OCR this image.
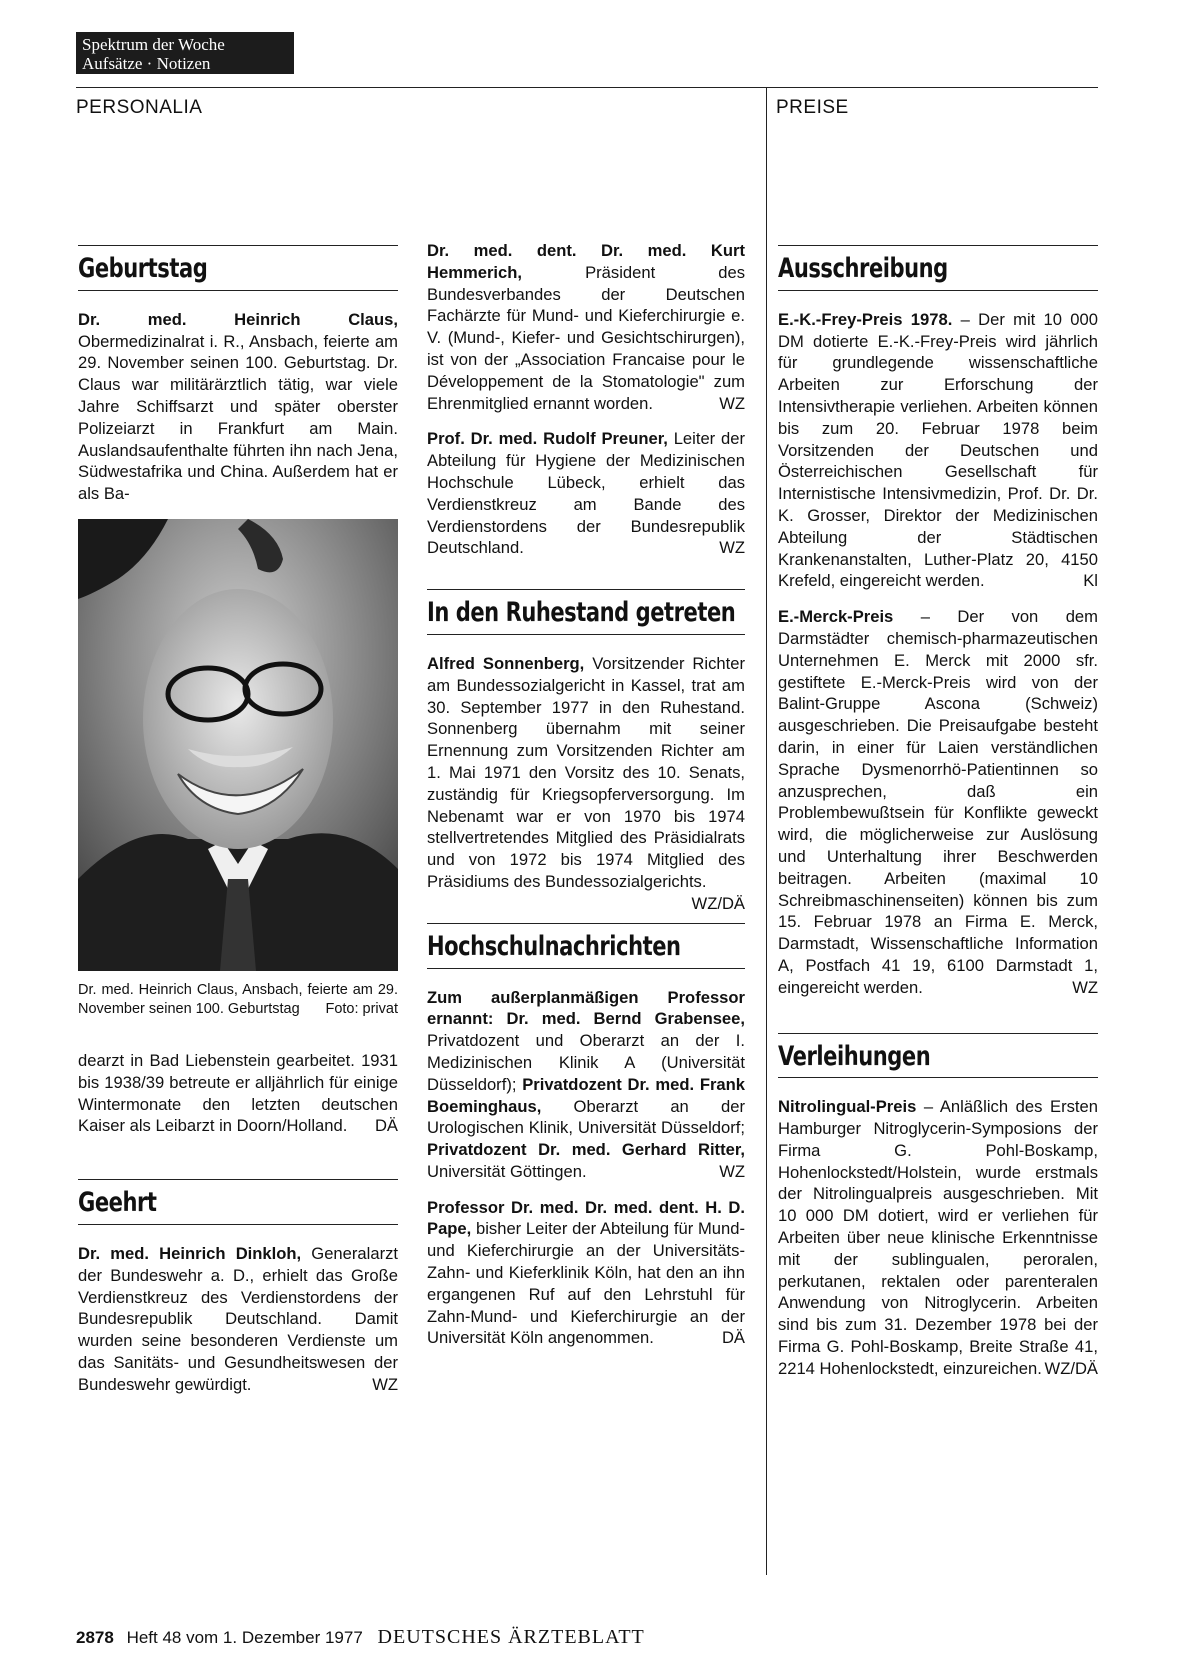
Spektrum der Woche
Aufsätze · Notizen
PERSONALIA	PREISE
Geburtstag

Dr. med. Heinrich Claus, Obermedizinalrat i. R., Ansbach, feierte am 29. November seinen 100. Geburtstag. Dr. Claus war militärärztlich tätig, war viele Jahre Schiffsarzt und später oberster Polizeiarzt in Frankfurt am Main. Auslandsaufenthalte führten ihn nach Jena, Südwestafrika und China. Außerdem hat er als Ba-

Dr. med. Heinrich Claus, Ansbach, feierte am 29. November seinen 100. Geburtstag Foto: privat

dearzt in Bad Liebenstein gearbeitet. 1931 bis 1938/39 betreute er alljährlich für einige Wintermonate den letzten deutschen Kaiser als Leibarzt in Doorn/Holland. DÄ

Geehrt

Dr. med. Heinrich Dinkloh, Generalarzt der Bundeswehr a. D., erhielt das Große Verdienstkreuz des Verdienstordens der Bundesrepublik Deutschland. Damit wurden seine besonderen Verdienste um das Sanitäts- und Gesundheitswesen der Bundeswehr gewürdigt.	WZ

Dr. med. dent. Dr. med. Kurt Hemmerich, Präsident des Bundesverbandes der Deutschen Fachärzte für Mund- und Kieferchirurgie e. V. (Mund-, Kiefer- und Gesichtschirurgen), ist von der „Association Francaise pour le Développement de la Stomatologie" zum Ehrenmitglied ernannt worden.	WZ

Prof. Dr. med. Rudolf Preuner, Leiter der Abteilung für Hygiene der Medizinischen Hochschule Lübeck, erhielt das Verdienstkreuz am Bande des Verdienstordens der Bundesrepublik Deutschland.	WZ

In den Ruhestand getreten

Alfred Sonnenberg, Vorsitzender Richter am Bundessozialgericht in Kassel, trat am 30. September 1977 in den Ruhestand. Sonnenberg übernahm mit seiner Ernennung zum Vorsitzenden Richter am 1. Mai 1971 den Vorsitz des 10. Senats, zuständig für Kriegsopferversorgung. Im Nebenamt war er von 1970 bis 1974 stellvertretendes Mitglied des Präsidialrats und von 1972 bis 1974 Mitglied des Präsidiums des Bundessozialgerichts.
WZ/DÄ

Hochschulnachrichten

Zum außerplanmäßigen Professor ernannt: Dr. med. Bernd Grabensee, Privatdozent und Oberarzt an der I. Medizinischen Klinik A (Universität Düsseldorf); Privatdozent Dr. med. Frank Boeminghaus, Oberarzt an der Urologischen Klinik, Universität Düsseldorf; Privatdozent Dr. med. Gerhard Ritter, Universität Göttingen.	WZ

Professor Dr. med. Dr. med. dent. H. D. Pape, bisher Leiter der Abteilung für Mund- und Kieferchirurgie an der Universitäts-Zahn- und Kieferklinik Köln, hat den an ihn ergangenen Ruf auf den Lehrstuhl für Zahn-Mund- und Kieferchirurgie an der Universität Köln angenommen.	DÄ

Ausschreibung

E.-K.-Frey-Preis 1978. – Der mit 10 000 DM dotierte E.-K.-Frey-Preis wird jährlich für grundlegende wissenschaftliche Arbeiten zur Erforschung der Intensivtherapie verliehen. Arbeiten können bis zum 20. Februar 1978 beim Vorsitzenden der Deutschen und Österreichischen Gesellschaft für Internistische Intensivmedizin, Prof. Dr. Dr. K. Grosser, Direktor der Medizinischen Abteilung der Städtischen Krankenanstalten, Luther-Platz 20, 4150 Krefeld, eingereicht werden.	Kl

E.-Merck-Preis – Der von dem Darmstädter chemisch-pharmazeutischen Unternehmen E. Merck mit 2000 sfr. gestiftete E.-Merck-Preis wird von der Balint-Gruppe Ascona (Schweiz) ausgeschrieben. Die Preisaufgabe besteht darin, in einer für Laien verständlichen Sprache Dysmenorrhö-Patientinnen so anzusprechen, daß ein Problembewußtsein für Konflikte geweckt wird, die möglicherweise zur Auslösung und Unterhaltung ihrer Beschwerden beitragen. Arbeiten (maximal 10 Schreibmaschinenseiten) können bis zum 15. Februar 1978 an Firma E. Merck, Darmstadt, Wissenschaftliche Information A, Postfach 41 19, 6100 Darmstadt 1, eingereicht werden.	WZ

Verleihungen

Nitrolingual-Preis – Anläßlich des Ersten Hamburger Nitroglycerin-Symposions der Firma G. Pohl-Boskamp, Hohenlockstedt/Holstein, wurde erstmals der Nitrolingualpreis ausgeschrieben. Mit 10 000 DM dotiert, wird er verliehen für Arbeiten über neue klinische Erkenntnisse mit der sublingualen, peroralen, perkutanen, rektalen oder parenteralen Anwendung von Nitroglycerin. Arbeiten sind bis zum 31. Dezember 1978 bei der Firma G. Pohl-Boskamp, Breite Straße 41, 2214 Hohenlockstedt, einzureichen. WZ/DÄ

2878 Heft 48 vom 1. Dezember 1977 DEUTSCHES ÄRZTEBLATT
